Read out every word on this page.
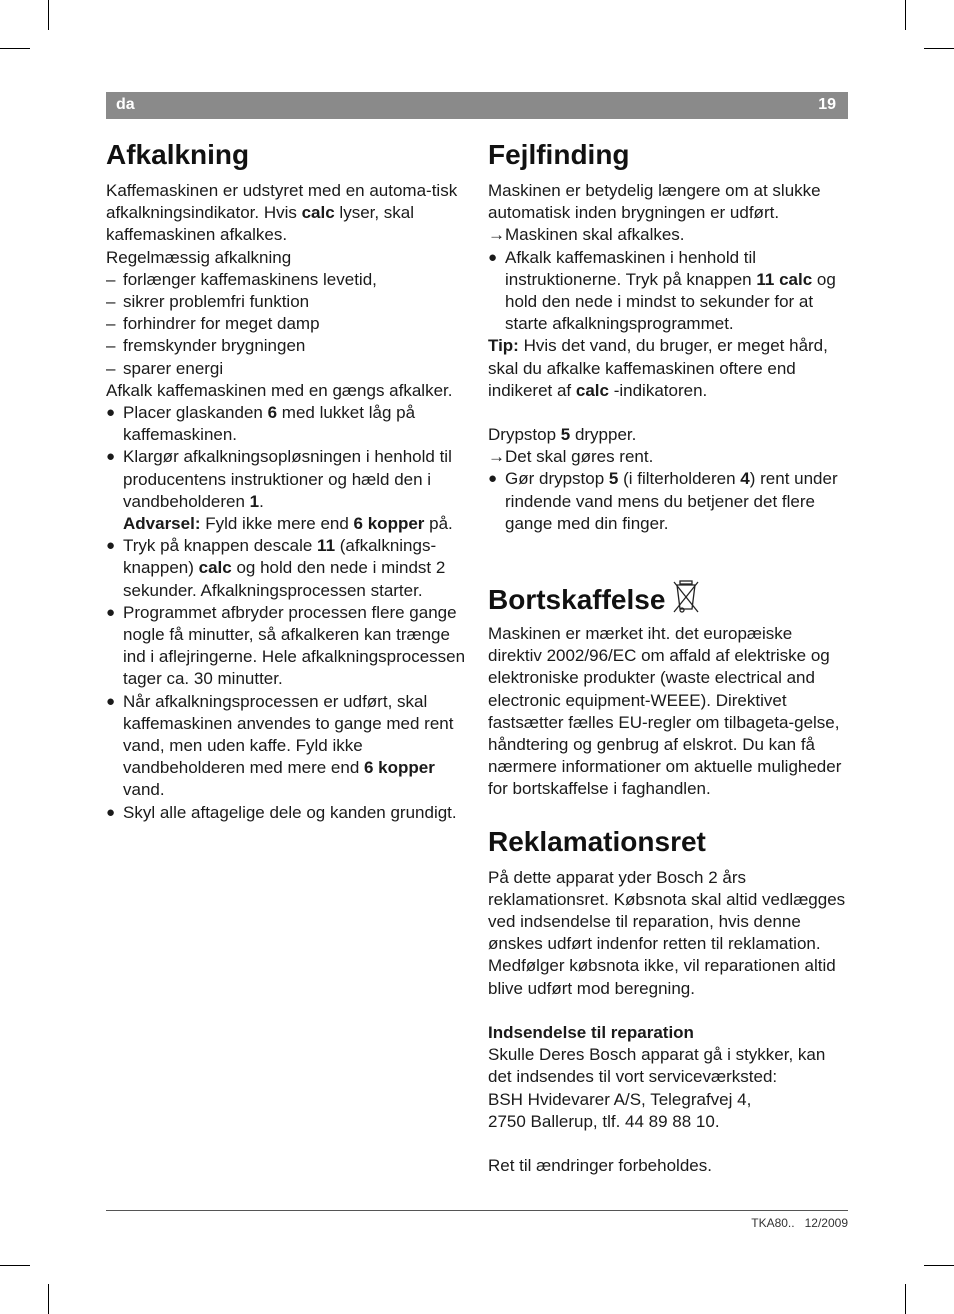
da	19
Afkalkning

Kaffemaskinen er udstyret med en automa-tisk afkalkningsindikator. Hvis calc lyser, skal kaffemaskinen afkalkes.

Regelmæssig afkalkning

– forlænger kaffemaskinens levetid,
– sikrer problemfri funktion
– forhindrer for meget damp
– fremskynder brygningen
– sparer energi

Afkalk kaffemaskinen med en gængs afkalker.

● Placer glaskanden 6 med lukket låg på kaffemaskinen.
● Klargør afkalkningsopløsningen i henhold til producentens instruktioner og hæld den i vandbeholderen 1.
Advarsel: Fyld ikke mere end 6 kopper på.
● Tryk på knappen descale 11 (afkalknings-knappen) calc og hold den nede i mindst 2 sekunder. Afkalkningsprocessen starter.
● Programmet afbryder processen flere gange nogle få minutter, så afkalkeren kan trænge ind i aflejringerne. Hele afkalkningsprocessen tager ca. 30 minutter.
● Når afkalkningsprocessen er udført, skal kaffemaskinen anvendes to gange med rent vand, men uden kaffe. Fyld ikke vandbeholderen med mere end 6 kopper vand.
● Skyl alle aftagelige dele og kanden grundigt.
Fejlfinding

Maskinen er betydelig længere om at slukke automatisk inden brygningen er udført.

→ Maskinen skal afkalkes.
● Afkalk kaffemaskinen i henhold til instruktionerne. Tryk på knappen 11 calc og hold den nede i mindst to sekunder for at starte afkalkningsprogrammet.

Tip: Hvis det vand, du bruger, er meget hård, skal du afkalke kaffemaskinen oftere end indikeret af calc -indikatoren.

Drypstop 5 drypper.

→ Det skal gøres rent.
● Gør drypstop 5 (i filterholderen 4) rent under rindende vand mens du betjener det flere gange med din finger.
Bortskaffelse

Maskinen er mærket iht. det europæiske direktiv 2002/96/EC om affald af elektriske og elektroniske produkter (waste electrical and electronic equipment-WEEE). Direktivet fastsætter fælles EU-regler om tilbageta-gelse, håndtering og genbrug af elskrot. Du kan få nærmere informationer om aktuelle muligheder for bortskaffelse i faghandlen.

Reklamationsret

På dette apparat yder Bosch 2 års reklamationsret. Købsnota skal altid vedlægges ved indsendelse til reparation, hvis denne ønskes udført indenfor retten til reklamation. Medfølger købsnota ikke, vil reparationen altid blive udført mod beregning.

Indsendelse til reparation

Skulle Deres Bosch apparat gå i stykker, kan det indsendes til vort serviceværksted:

BSH Hvidevarer A/S, Telegrafvej 4,

2750 Ballerup, tlf. 44 89 88 10.

Ret til ændringer forbeholdes.

TKA80.. 12/2009
